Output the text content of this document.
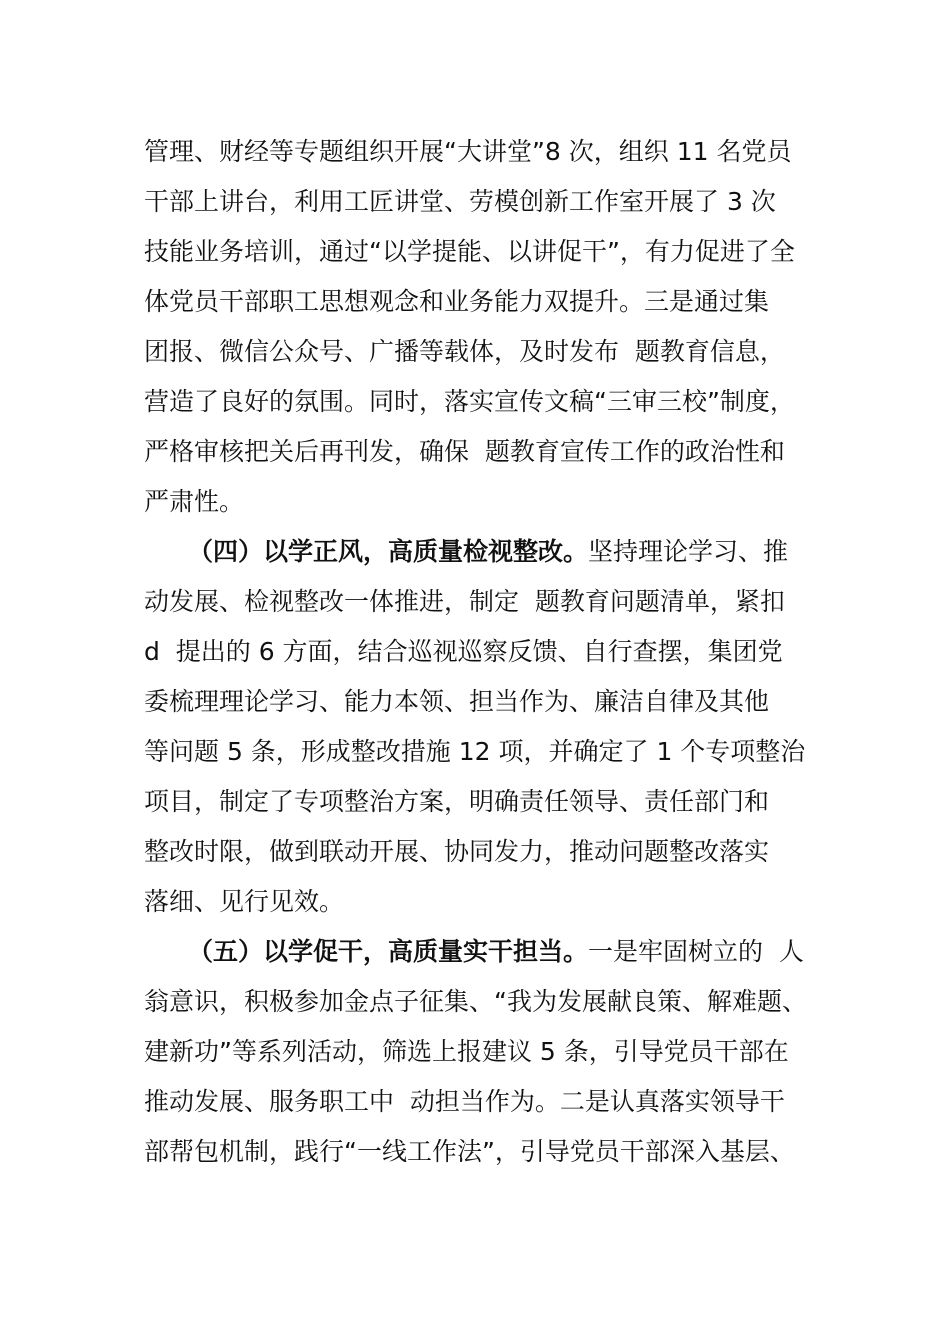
管理、财经等专题组织开展“大讲堂”8 次，组织 11 名党员
干部上讲台，利用工匠讲堂、劳模创新工作室开展了 3 次
技能业务培训，通过“以学提能、以讲促干”，有力促进了全
体党员干部职工思想观念和业务能力双提升。三是通过集
团报、微信公众号、广播等载体，及时发布  题教育信息，
营造了良好的氛围。同时，落实宣传文稿“三审三校”制度，
严格审核把关后再刊发，确保  题教育宣传工作的政治性和
严肃性。
（四）以学正风，高质量检视整改。坚持理论学习、推
动发展、检视整改一体推进，制定  题教育问题清单，紧扣
d  提出的 6 方面，结合巡视巡察反馈、自行查摆，集团党
委梳理理论学习、能力本领、担当作为、廉洁自律及其他
等问题 5 条，形成整改措施 12 项，并确定了 1 个专项整治
项目，制定了专项整治方案，明确责任领导、责任部门和
整改时限，做到联动开展、协同发力，推动问题整改落实
落细、见行见效。
（五）以学促干，高质量实干担当。一是牢固树立的  人
翁意识，积极参加金点子征集、“我为发展献良策、解难题、
建新功”等系列活动，筛选上报建议 5 条，引导党员干部在
推动发展、服务职工中  动担当作为。二是认真落实领导干
部帮包机制，践行“一线工作法”，引导党员干部深入基层、
